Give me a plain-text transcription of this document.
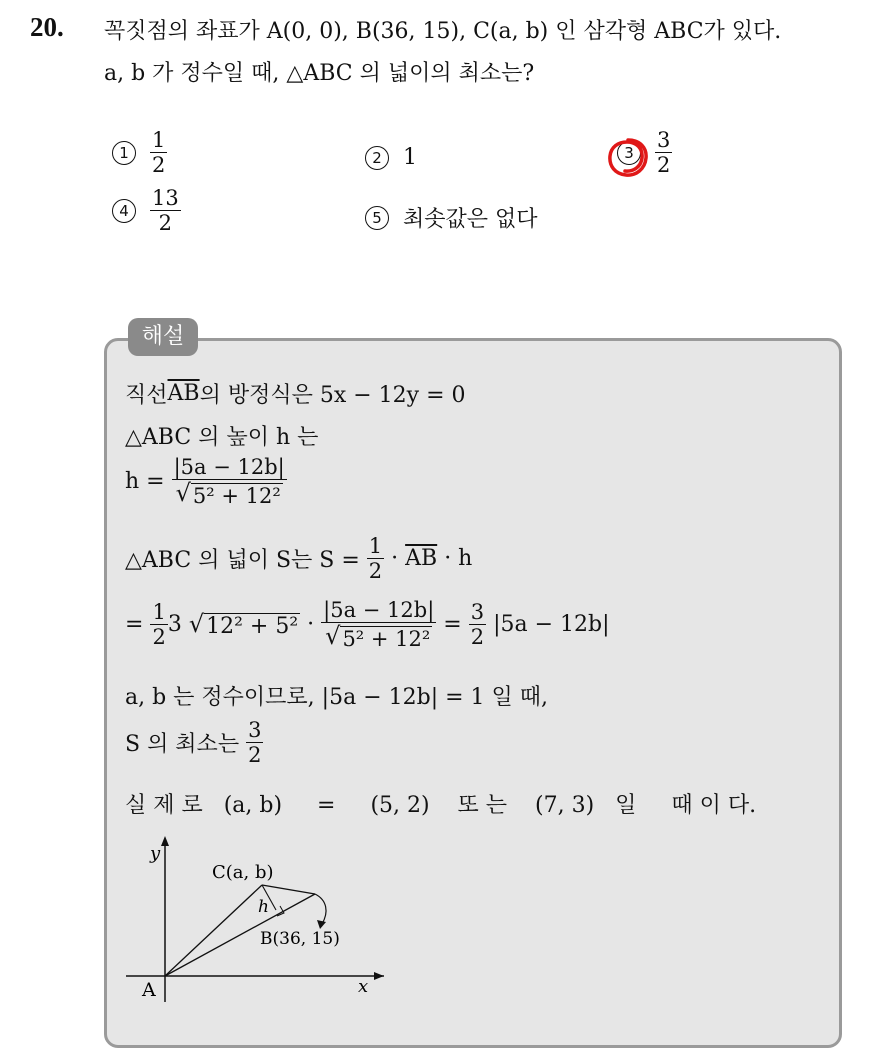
20. 꼭짓점의 좌표가 A(0, 0), B(36, 15), C(a, b) 인 삼각형 ABC가 있다.
a, b 가 정수일 때, △ABC 의 넓이의 최소는?
1	$\frac{1}{2}$	2 1	3	$\frac{3}{2}$
4	$\frac{13}{2}$	5 최솟값은 없다
해설
직선 $\overline{AB}$ 의 방정식은 5x − 12y = 0
△ABC 의 높이 h 는
h =
$\frac{|5a - 12b|}{\text{√ 5² + 12²}}$
△ABC 의 넓이 S는 S =
$\frac{1}{2} \cdot \overline{AB}$
· h
=
$\frac{1}{2} 3$
√ $12^2 + 5^2 \cdot \frac{|5a - 12b|}{\text{√ 5² + 12²}} = \frac{3}{2}$
|5a − 12b|
a, b 는 정수이므로, |5a − 12b| = 1 일 때,
S 의 최소는
$\frac{3}{2}$
실 제 로   (a, b)     =     (5, 2)    또 는    (7, 3)   일     때 이 다.
y
x
A
C(a, b)
B(36, 15)
h
